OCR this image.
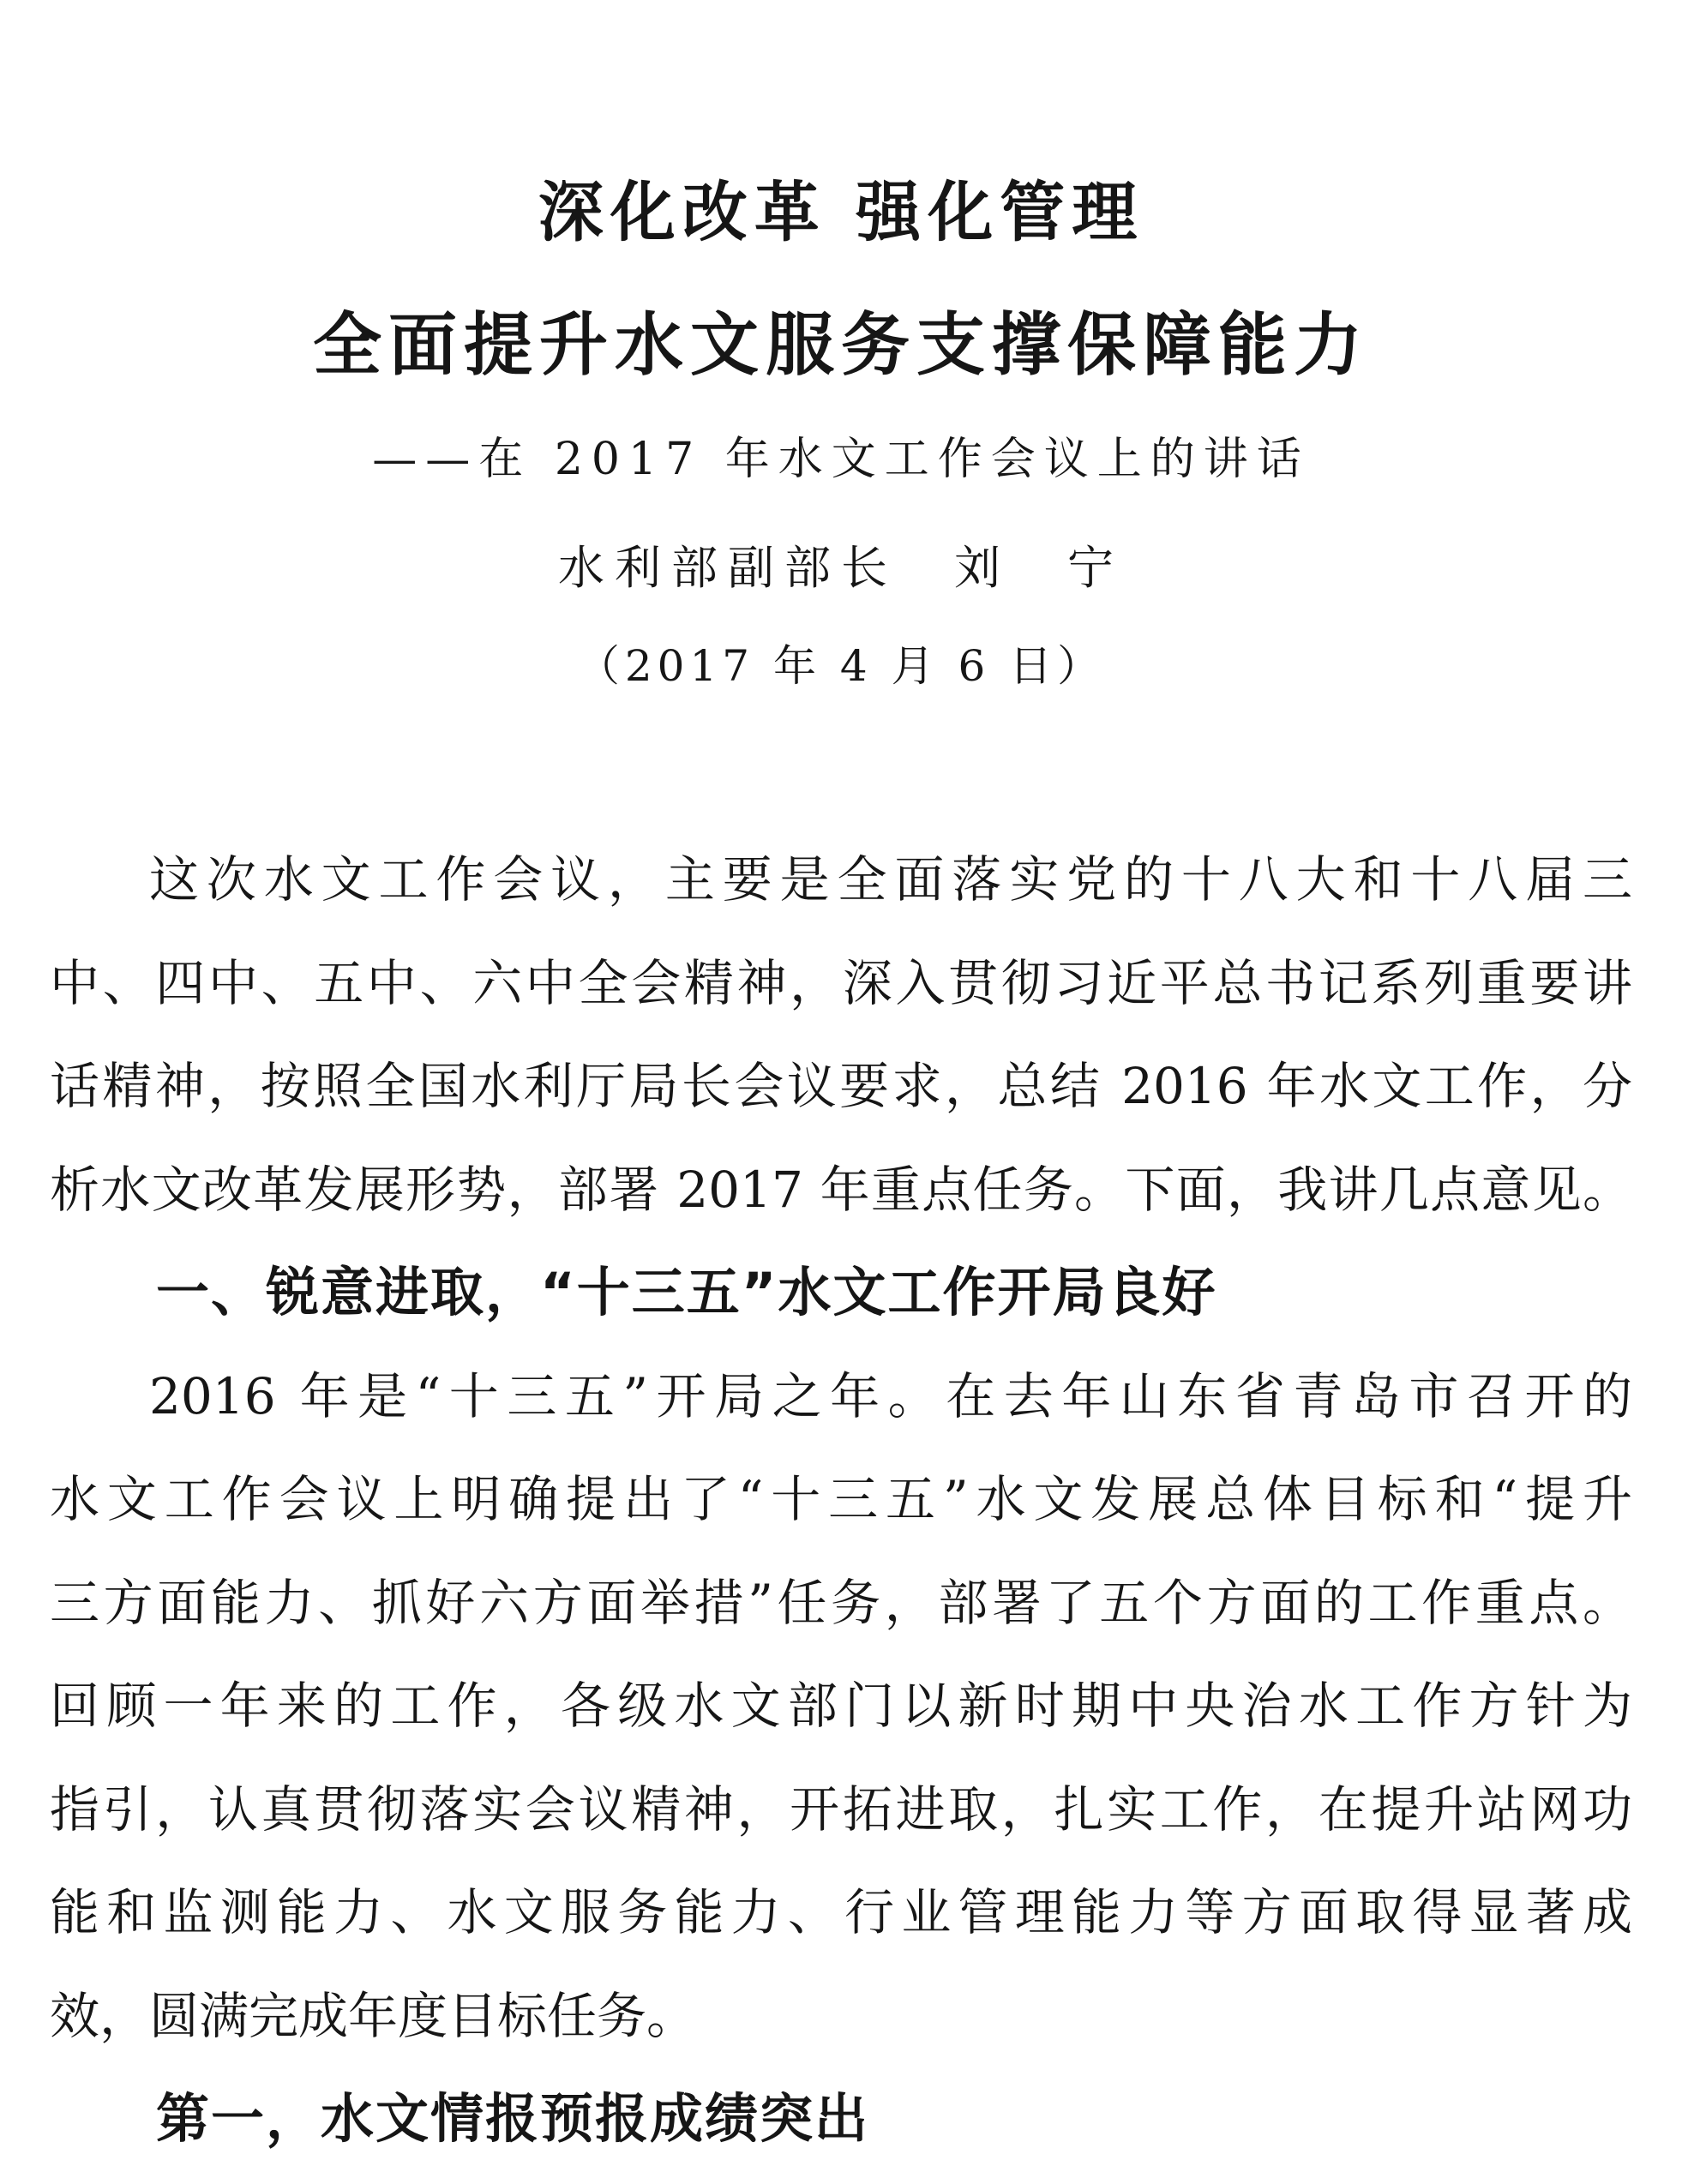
深化改革 强化管理
全面提升水文服务支撑保障能力
——在 2017 年水文工作会议上的讲话
水利部副部长　刘　宁
（2017 年 4 月 6 日）
这次水文工作会议，主要是全面落实党的十八大和十八届三
中、四中、五中、六中全会精神，深入贯彻习近平总书记系列重要讲
话精神，按照全国水利厅局长会议要求，总结 2016 年水文工作，分
析水文改革发展形势，部署 2017 年重点任务。下面，我讲几点意见。
一、锐意进取，“十三五”水文工作开局良好
2016 年是“十三五”开局之年。在去年山东省青岛市召开的
水文工作会议上明确提出了“十三五”水文发展总体目标和“提升
三方面能力、抓好六方面举措”任务，部署了五个方面的工作重点。
回顾一年来的工作，各级水文部门以新时期中央治水工作方针为
指引，认真贯彻落实会议精神，开拓进取，扎实工作，在提升站网功
能和监测能力、水文服务能力、行业管理能力等方面取得显著成
效，圆满完成年度目标任务。
第一，水文情报预报成绩突出
